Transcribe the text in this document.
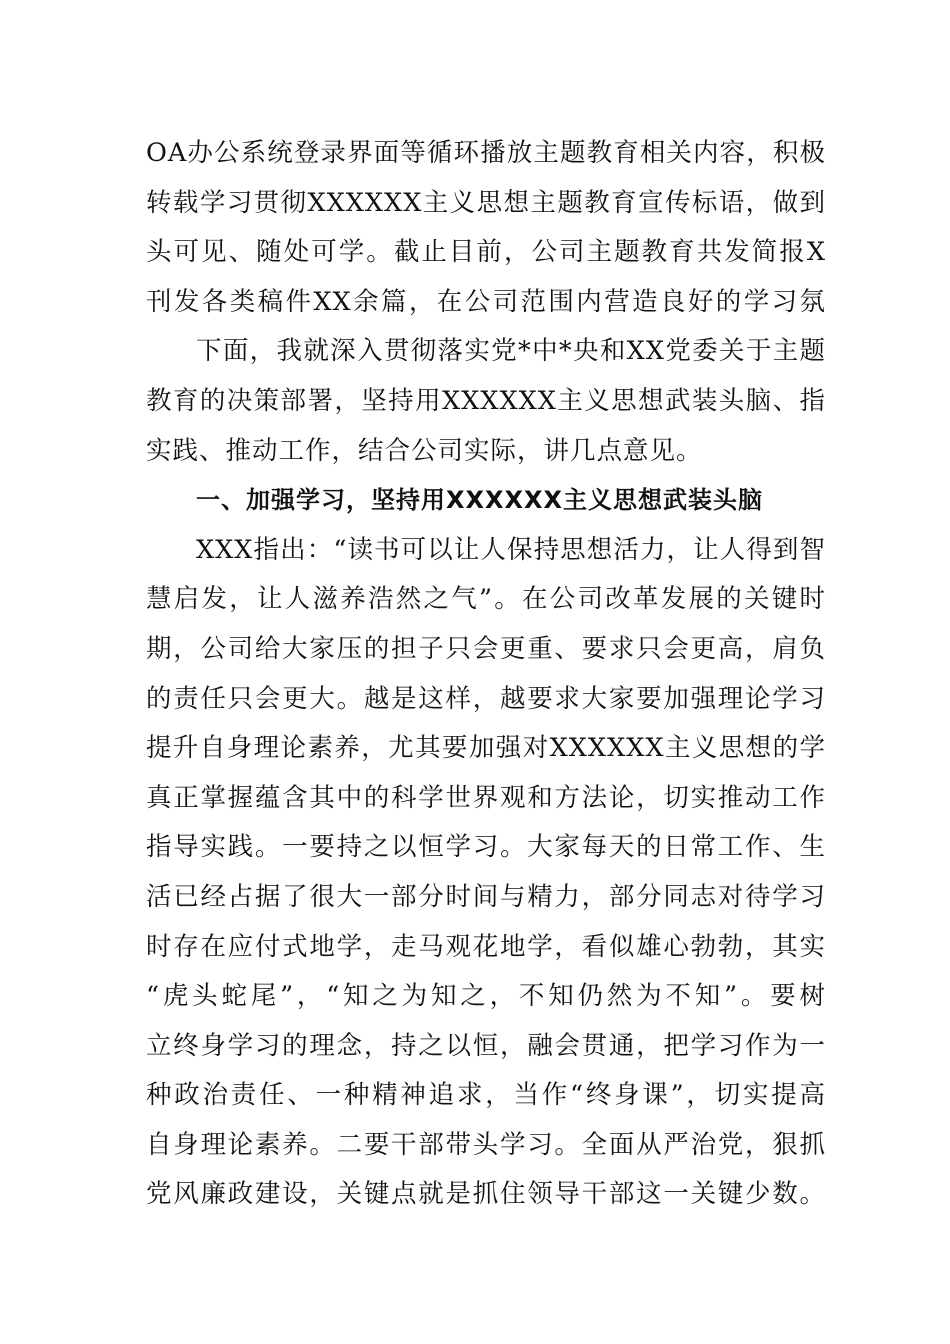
OA办公系统登录界面等循环播放主题教育相关内容，积极
转载学习贯彻XXXXXX主义思想主题教育宣传标语，做到
头可见、随处可学。截止目前，公司主题教育共发简报X
刊发各类稿件XX余篇，在公司范围内营造良好的学习氛
下面，我就深入贯彻落实党*中*央和XX党委关于主题
教育的决策部署，坚持用XXXXXX主义思想武装头脑、指
实践、推动工作，结合公司实际，讲几点意见。
一、加强学习，坚持用XXXXXX主义思想武装头脑
XXX指出：“读书可以让人保持思想活力，让人得到智
慧启发，让人滋养浩然之气”。在公司改革发展的关键时
期，公司给大家压的担子只会更重、要求只会更高，肩负
的责任只会更大。越是这样，越要求大家要加强理论学习
提升自身理论素养，尤其要加强对XXXXXX主义思想的学
真正掌握蕴含其中的科学世界观和方法论，切实推动工作
指导实践。一要持之以恒学习。大家每天的日常工作、生
活已经占据了很大一部分时间与精力，部分同志对待学习
时存在应付式地学，走马观花地学，看似雄心勃勃，其实
“虎头蛇尾”，“知之为知之，不知仍然为不知”。要树
立终身学习的理念，持之以恒，融会贯通，把学习作为一
种政治责任、一种精神追求，当作“终身课”，切实提高
自身理论素养。二要干部带头学习。全面从严治党，狠抓
党风廉政建设，关键点就是抓住领导干部这一关键少数。
